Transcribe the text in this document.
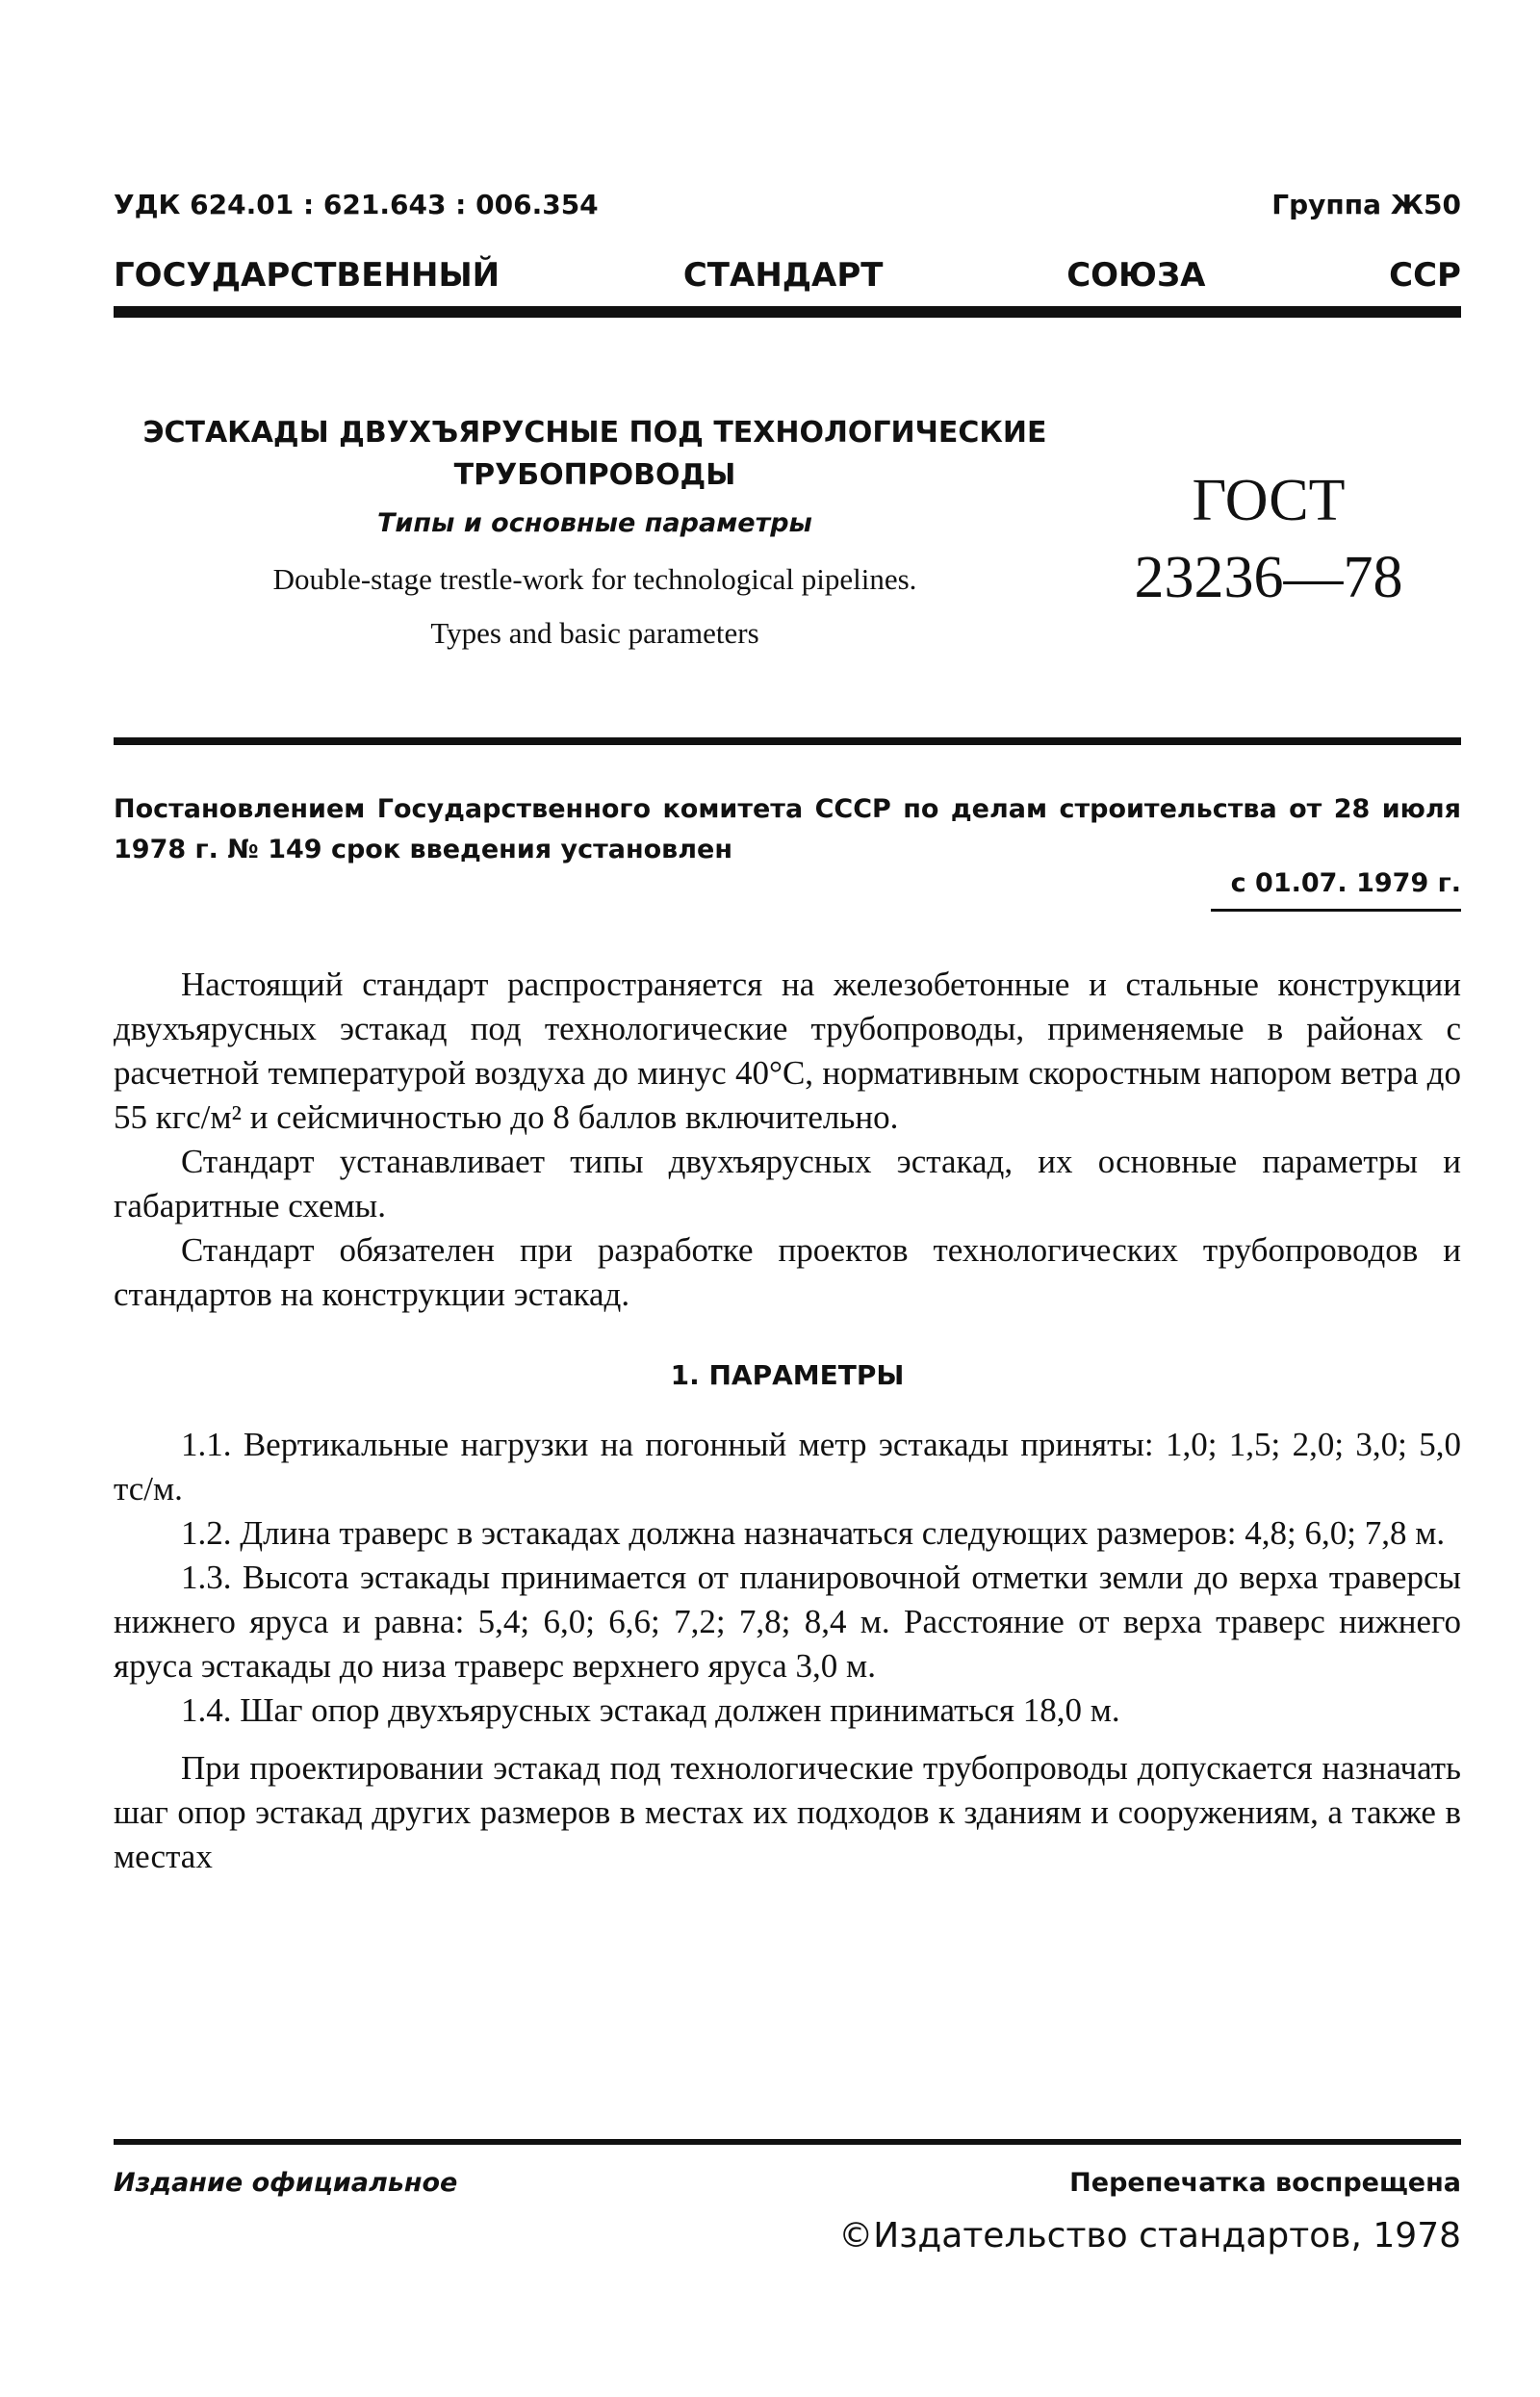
УДК 624.01 : 621.643 : 006.354	Группа Ж50
ГОСУДАРСТВЕННЫЙ	СТАНДАРТ	СОЮЗА	ССР
ЭСТАКАДЫ ДВУХЪЯРУСНЫЕ ПОД ТЕХНОЛОГИЧЕСКИЕ
ТРУБОПРОВОДЫ
Типы и основные параметры
Double-stage trestle-work for technological pipelines.
Types and basic parameters
ГОСТ
23236—78
Постановлением Государственного комитета СССР по делам строительства от 28 июля 1978 г. № 149 срок введения установлен
с 01.07. 1979 г.

Настоящий стандарт распространяется на железобетонные и стальные конструкции двухъярусных эстакад под технологические трубопроводы, применяемые в районах с расчетной температурой воздуха до минус 40°С, нормативным скоростным напором ветра до 55 кгс/м² и сейсмичностью до 8 баллов включительно.

Стандарт устанавливает типы двухъярусных эстакад, их основные параметры и габаритные схемы.

Стандарт обязателен при разработке проектов технологических трубопроводов и стандартов на конструкции эстакад.

1. ПАРАМЕТРЫ

1.1. Вертикальные нагрузки на погонный метр эстакады приняты: 1,0; 1,5; 2,0; 3,0; 5,0 тс/м.

1.2. Длина траверс в эстакадах должна назначаться следующих размеров: 4,8; 6,0; 7,8 м.

1.3. Высота эстакады принимается от планировочной отметки земли до верха траверсы нижнего яруса и равна: 5,4; 6,0; 6,6; 7,2; 7,8; 8,4 м. Расстояние от верха траверс нижнего яруса эстакады до низа траверс верхнего яруса 3,0 м.

1.4. Шаг опор двухъярусных эстакад должен приниматься 18,0 м.

При проектировании эстакад под технологические трубопроводы допускается назначать шаг опор эстакад других размеров в местах их подходов к зданиям и сооружениям, а также в местах

Издание официальное	Перепечатка воспрещена
©Издательство стандартов, 1978
